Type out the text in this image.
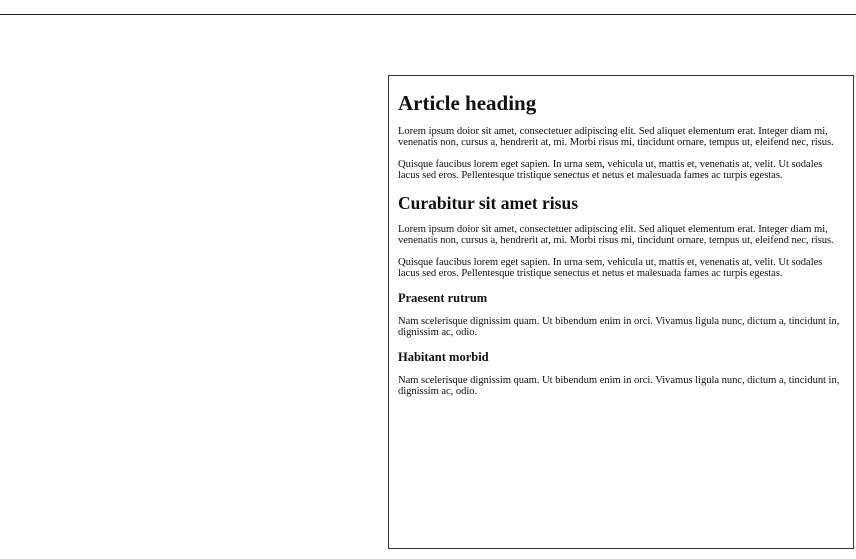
Article heading
Lorem ipsum doior sit amet, consectetuer adipiscing elit. Sed aliquet elementum erat. Integer diam mi, venenatis non, cursus a, hendrerit at, mi. Morbi risus mi, tincidunt ornare, tempus ut, eleifend nec, risus.
Quisque faucibus lorem eget sapien. In urna sem, vehicula ut, mattis et, venenatis at, velit. Ut sodales lacus sed eros. Pellentesque tristique senectus et netus et malesuada fames ac turpis egestas.
Curabitur sit amet risus
Lorem ipsum doior sit amet, consectetuer adipiscing elit. Sed aliquet elementum erat. Integer diam mi, venenatis non, cursus a, hendrerit at, mi. Morbi risus mi, tincidunt ornare, tempus ut, eleifend nec, risus.
Quisque faucibus lorem eget sapien. In urna sem, vehicula ut, mattis et, venenatis at, velit. Ut sodales lacus sed eros. Pellentesque tristique senectus et netus et malesuada fames ac turpis egestas.
Praesent rutrum
Nam scelerisque dignissim quam. Ut bibendum enim in orci. Vivamus ligula nunc, dictum a, tincidunt in, dignissim ac, odio.
Habitant morbid
Nam scelerisque dignissim quam. Ut bibendum enim in orci. Vivamus ligula nunc, dictum a, tincidunt in, dignissim ac, odio.
